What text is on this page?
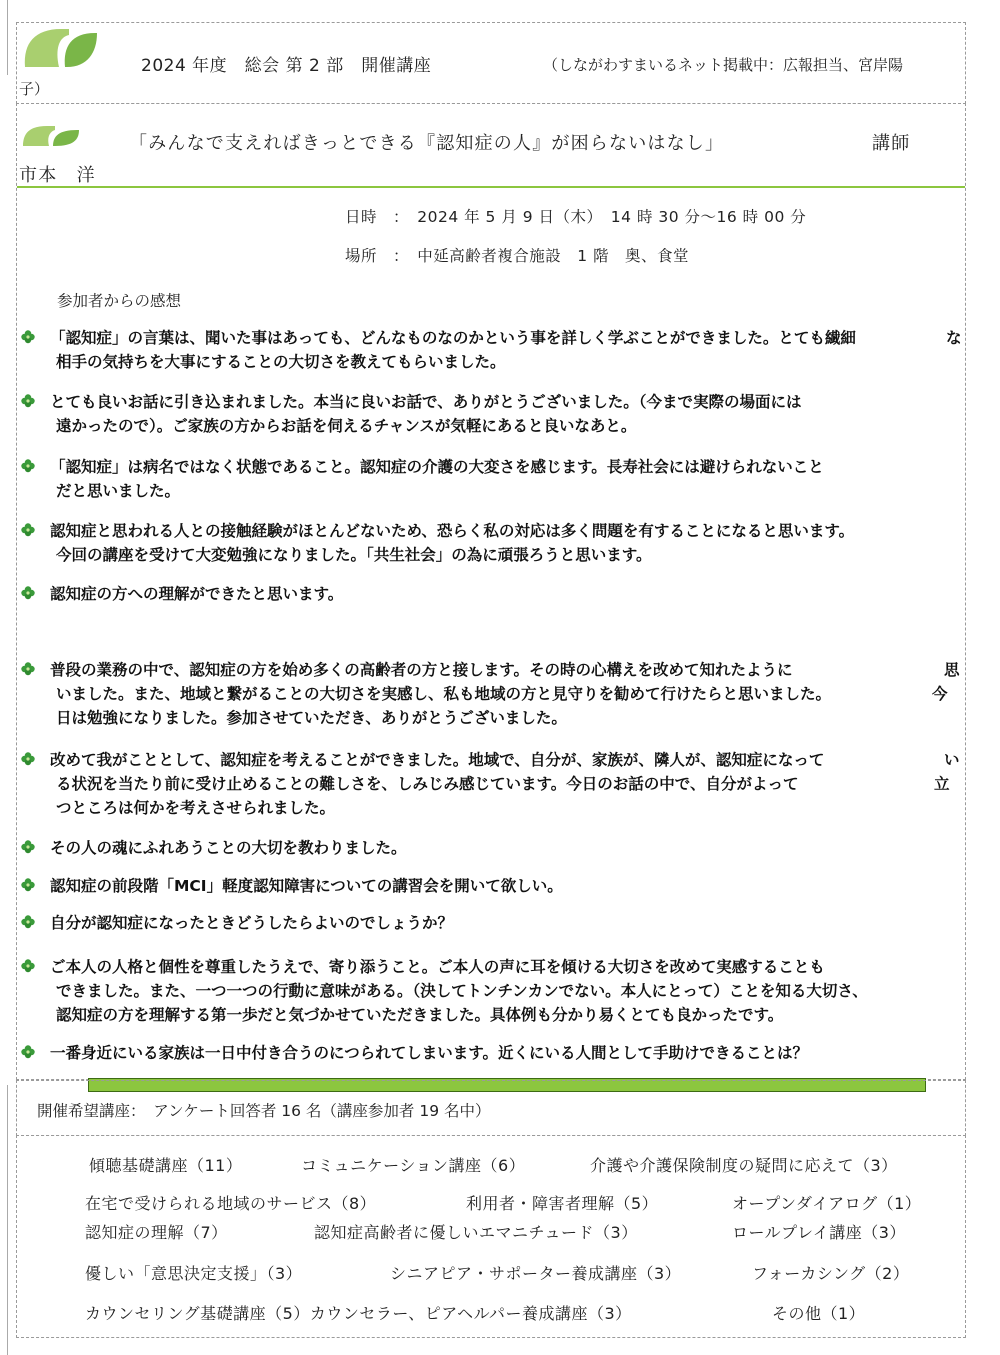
2024 年度　総会 第 2 部　開催講座	（しながわすまいるネット掲載中：広報担当、宮岸陽
子）
「みんなで支えればきっとできる『認知症の人』が困らないはなし」	講師
市本　洋
日時　：　2024 年 5 月 9 日（木）　14 時 30 分～16 時 00 分
場所　：　中延高齢者複合施設　1 階　奥、食堂
参加者からの感想
「認知症」の言葉は、聞いた事はあっても、どんなものなのかという事を詳しく学ぶことができました。とても繊細	な
相手の気持ちを大事にすることの大切さを教えてもらいました。
とても良いお話に引き込まれました。本当に良いお話で、ありがとうございました。（今まで実際の場面には
遠かったので）。ご家族の方からお話を伺えるチャンスが気軽にあると良いなあと。
「認知症」は病名ではなく状態であること。認知症の介護の大変さを感じます。長寿社会には避けられないこと
だと思いました。
認知症と思われる人との接触経験がほとんどないため、恐らく私の対応は多く問題を有することになると思います。
今回の講座を受けて大変勉強になりました。「共生社会」の為に頑張ろうと思います。
認知症の方への理解ができたと思います。
普段の業務の中で、認知症の方を始め多くの高齢者の方と接します。その時の心構えを改めて知れたように	思
いました。また、地域と繋がることの大切さを実感し、私も地域の方と見守りを勧めて行けたらと思いました。	今
日は勉強になりました。参加させていただき、ありがとうございました。
改めて我がこととして、認知症を考えることができました。地域で、自分が、家族が、隣人が、認知症になって	い
る状況を当たり前に受け止めることの難しさを、しみじみ感じています。今日のお話の中で、自分がよって	立
つところは何かを考えさせられました。
その人の魂にふれあうことの大切を教わりました。
認知症の前段階「MCI」軽度認知障害についての講習会を開いて欲しい。
自分が認知症になったときどうしたらよいのでしょうか？
ご本人の人格と個性を尊重したうえで、寄り添うこと。ご本人の声に耳を傾ける大切さを改めて実感することも
できました。また、一つ一つの行動に意味がある。（決してトンチンカンでない。本人にとって）ことを知る大切さ、
認知症の方を理解する第一歩だと気づかせていただきました。具体例も分かり易くとても良かったです。
一番身近にいる家族は一日中付き合うのにつられてしまいます。近くにいる人間として手助けできることは？
開催希望講座：　アンケート回答者 16 名（講座参加者 19 名中）
傾聴基礎講座（11）	コミュニケーション講座（6）	介護や介護保険制度の疑問に応えて（3）
在宅で受けられる地域のサービス（8）	利用者・障害者理解（5）	オープンダイアログ（1）
認知症の理解（7）	認知症高齢者に優しいエマニチュード（3）	ロールプレイ講座（3）
優しい「意思決定支援」（3）	シニアピア・サポーター養成講座（3）	フォーカシング（2）
カウンセリング基礎講座（5）カウンセラー、ピアヘルパー養成講座（3）	その他（1）
